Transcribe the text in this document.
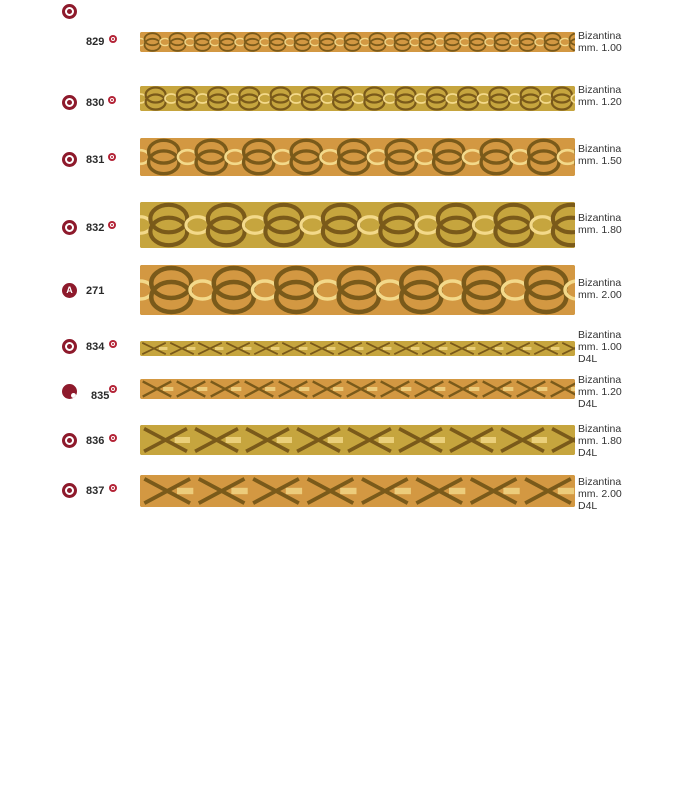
829	Bizantina
mm. 1.00
830
Bizantina
mm. 1.20
831
Bizantina
mm. 1.50
832
Bizantina
mm. 1.80
A 271
Bizantina
mm. 2.00
834
Bizantina
mm. 1.00
D4L
835
Bizantina
mm. 1.20
D4L
836
Bizantina
mm. 1.80
D4L
837
Bizantina
mm. 2.00
D4L
